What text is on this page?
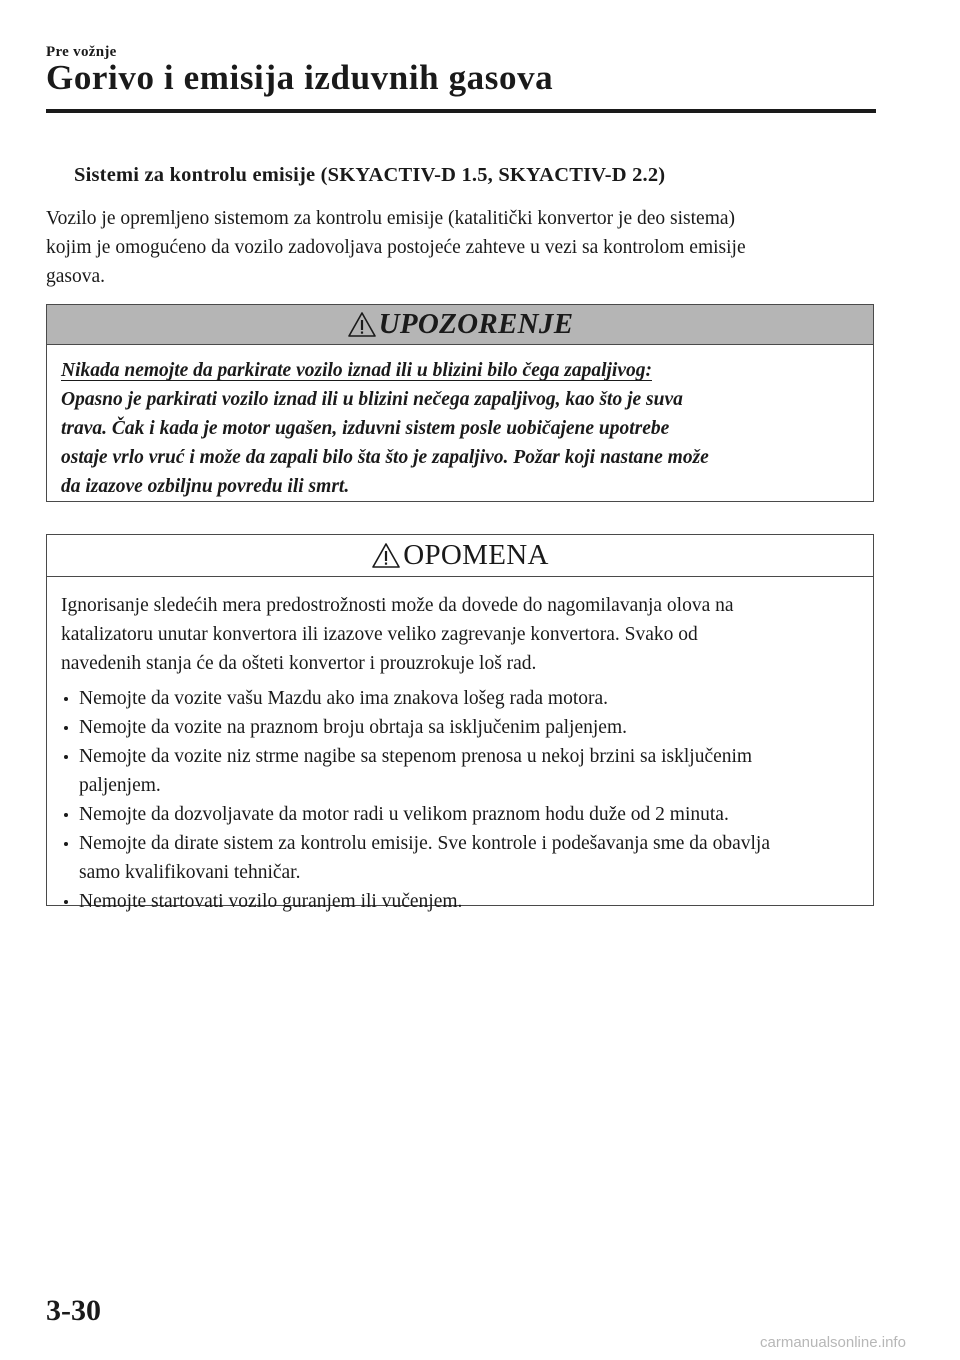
Pre vožnje
Gorivo i emisija izduvnih gasova
Sistemi za kontrolu emisije (SKYACTIV-D 1.5, SKYACTIV-D 2.2)
Vozilo je opremljeno sistemom za kontrolu emisije (katalitički konvertor je deo sistema)
kojim je omogućeno da vozilo zadovoljava postojeće zahteve u vezi sa kontrolom emisije
gasova.
UPOZORENJE
Nikada nemojte da parkirate vozilo iznad ili u blizini bilo čega zapaljivog:
Opasno je parkirati vozilo iznad ili u blizini nečega zapaljivog, kao što je suva
trava. Čak i kada je motor ugašen, izduvni sistem posle uobičajene upotrebe
ostaje vrlo vruć i može da zapali bilo šta što je zapaljivo. Požar koji nastane može
da izazove ozbiljnu povredu ili smrt.
OPOMENA
Ignorisanje sledećih mera predostrožnosti može da dovede do nagomilavanja olova na
katalizatoru unutar konvertora ili izazove veliko zagrevanje konvertora. Svako od
navedenih stanja će da ošteti konvertor i prouzrokuje loš rad.
Nemojte da vozite vašu Mazdu ako ima znakova lošeg rada motora.
Nemojte da vozite na praznom broju obrtaja sa isključenim paljenjem.
Nemojte da vozite niz strme nagibe sa stepenom prenosa u nekoj brzini sa isključenim
paljenjem.
Nemojte da dozvoljavate da motor radi u velikom praznom hodu duže od 2 minuta.
Nemojte da dirate sistem za kontrolu emisije. Sve kontrole i podešavanja sme da obavlja
samo kvalifikovani tehničar.
Nemojte startovati vozilo guranjem ili vučenjem.
3-30
carmanualsonline.info
